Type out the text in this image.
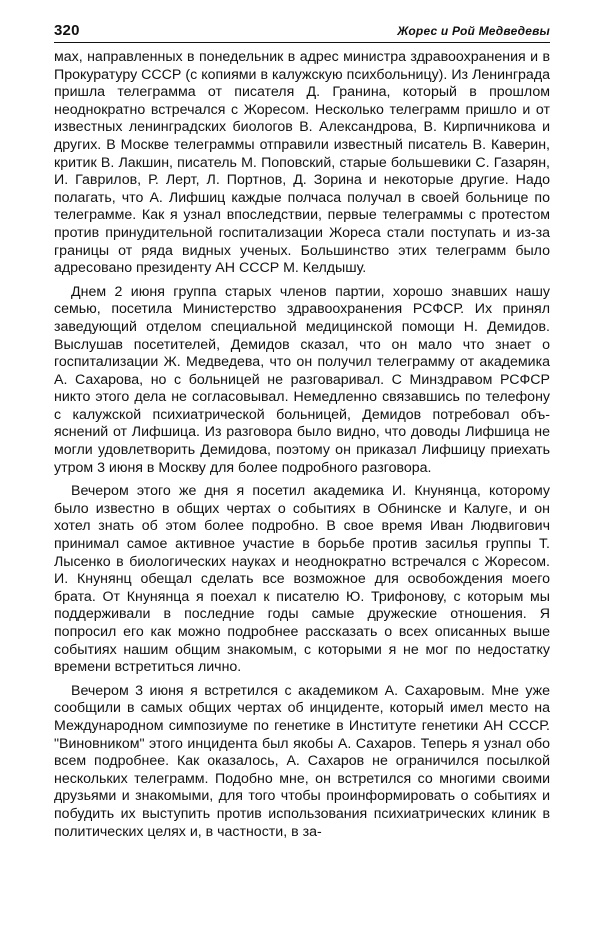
320	Жорес и Рой Медведевы

мах, направленных в понедельник в адрес министра здравоохранения и в Прокуратуру СССР (с копиями в калужскую психбольницу). Из Ленинграда пришла телеграмма от писателя Д. Гранина, который в прошлом неоднократно встречался с Жоресом. Несколько телеграмм пришло и от известных ленинградских биологов В. Александрова, В. Кирпичникова и других. В Москве телеграммы отправили известный писатель В. Каверин, критик В. Лакшин, писатель М. Поповский, старые большевики С. Газарян, И. Гаврилов, Р. Лерт, Л. Портнов, Д. Зорина и некоторые другие. Надо полагать, что А. Лифшиц каждые полчаса получал в своей больнице по телеграмме. Как я узнал впоследствии, первые телеграммы с протестом против принудительной госпитализации Жореса стали поступать и из-за границы от ряда видных ученых. Большинство этих телеграмм было адресовано президенту АН СССР М. Келдышу.

Днем 2 июня группа старых членов партии, хорошо знавших нашу семью, посетила Министерство здравоохранения РСФСР. Их принял заведующий отделом специальной медицинской помощи Н. Демидов. Выслушав посетителей, Демидов сказал, что он мало что знает о госпитализации Ж. Медведева, что он получил телеграмму от академика А. Сахарова, но с больницей не разговаривал. С Минздравом РСФСР никто этого дела не согласовывал. Немедленно связавшись по телефону с калужской психиатрической больницей, Демидов потребовал объяснений от Лифшица. Из разговора было видно, что доводы Лифшица не могли удовлетворить Демидова, поэтому он приказал Лифшицу приехать утром 3 июня в Москву для более подробного разговора.

Вечером этого же дня я посетил академика И. Кнунянца, которому было известно в общих чертах о событиях в Обнинске и Калуге, и он хотел знать об этом более подробно. В свое время Иван Людвигович принимал самое активное участие в борьбе против засилья группы Т. Лысенко в биологических науках и неоднократно встречался с Жоресом. И. Кнунянц обещал сделать все возможное для освобождения моего брата. От Кнунянца я поехал к писателю Ю. Трифонову, с которым мы поддерживали в последние годы самые дружеские отношения. Я попросил его как можно подробнее рассказать о всех описанных выше событиях нашим общим знакомым, с которыми я не мог по недостатку времени встретиться лично.

Вечером 3 июня я встретился с академиком А. Сахаровым. Мне уже сообщили в самых общих чертах об инциденте, который имел место на Международном симпозиуме по генетике в Институте генетики АН СССР. "Виновником" этого инцидента был якобы А. Сахаров. Теперь я узнал обо всем подробнее. Как оказалось, А. Сахаров не ограничился посылкой нескольких телеграмм. Подобно мне, он встретился со многими своими друзьями и знакомыми, для того чтобы проинформировать о событиях и побудить их выступить против использования психиатрических клиник в политических целях и, в частности, в за-
